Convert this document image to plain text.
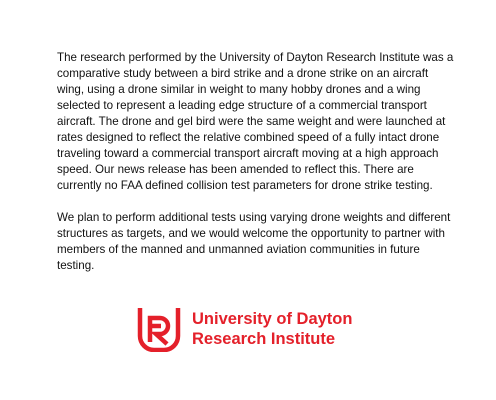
The research performed by the University of Dayton Research Institute was a
comparative study between a bird strike and a drone strike on an aircraft
wing, using a drone similar in weight to many hobby drones and a wing
selected to represent a leading edge structure of a commercial transport
aircraft. The drone and gel bird were the same weight and were launched at
rates designed to reflect the relative combined speed of a fully intact drone
traveling toward a commercial transport aircraft moving at a high approach
speed. Our news release has been amended to reflect this. There are
currently no FAA defined collision test parameters for drone strike testing.

We plan to perform additional tests using varying drone weights and different
structures as targets, and we would welcome the opportunity to partner with
members of the manned and unmanned aviation communities in future
testing.

University of Dayton
Research Institute
